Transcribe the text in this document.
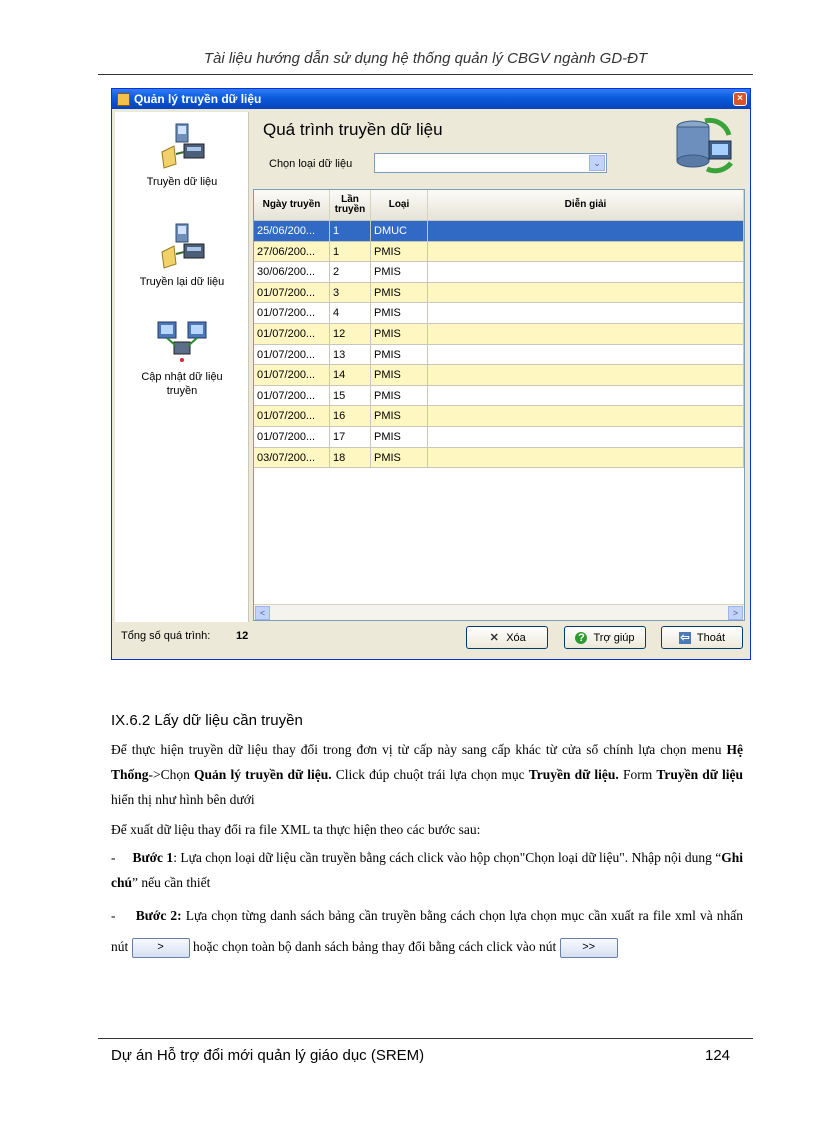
Tài liệu hướng dẫn sử dụng hệ thống quản lý CBGV ngành GD-ĐT
Quản lý truyền dữ liệu	×
Truyền dữ liệu
Truyền lại dữ liệu
Cập nhật dữ liệu truyền
Quá trình truyền dữ liệu
Chọn loại dữ liệu	⌄
Ngày truyền	Lần truyền	Loại	Diễn giải
25/06/200...	1	DMUC
27/06/200...	1	PMIS
30/06/200...	2	PMIS
01/07/200...	3	PMIS
01/07/200...	4	PMIS
01/07/200...	12	PMIS
01/07/200...	13	PMIS
01/07/200...	14	PMIS
01/07/200...	15	PMIS
01/07/200...	16	PMIS
01/07/200...	17	PMIS
03/07/200...	18	PMIS
<	>
Tổng số quá trình: 12	✕ Xóa	? Trợ giúp	⇦ Thoát
IX.6.2 Lấy dữ liệu cần truyền
Để thực hiện truyền dữ liệu thay đổi trong đơn vị từ cấp này sang cấp khác từ cửa sổ chính lựa chọn menu Hệ Thống->Chọn Quản lý truyền dữ liệu. Click đúp chuột trái lựa chọn mục Truyền dữ liệu. Form Truyền dữ liệu hiển thị như hình bên dưới
Để xuất dữ liệu thay đổi ra file XML ta thực hiện theo các bước sau:
- Bước 1: Lựa chọn loại dữ liệu cần truyền bằng cách click vào hộp chọn"Chọn loại dữ liệu". Nhập nội dung “Ghi chú” nếu cần thiết
- Bước 2: Lựa chọn từng danh sách bảng cần truyền bằng cách chọn lựa chọn mục cần xuất ra file xml và nhấn nút > hoặc chọn toàn bộ danh sách bảng thay đổi bằng cách click vào nút >>
Dự án Hỗ trợ đổi mới quản lý giáo dục (SREM)	124
